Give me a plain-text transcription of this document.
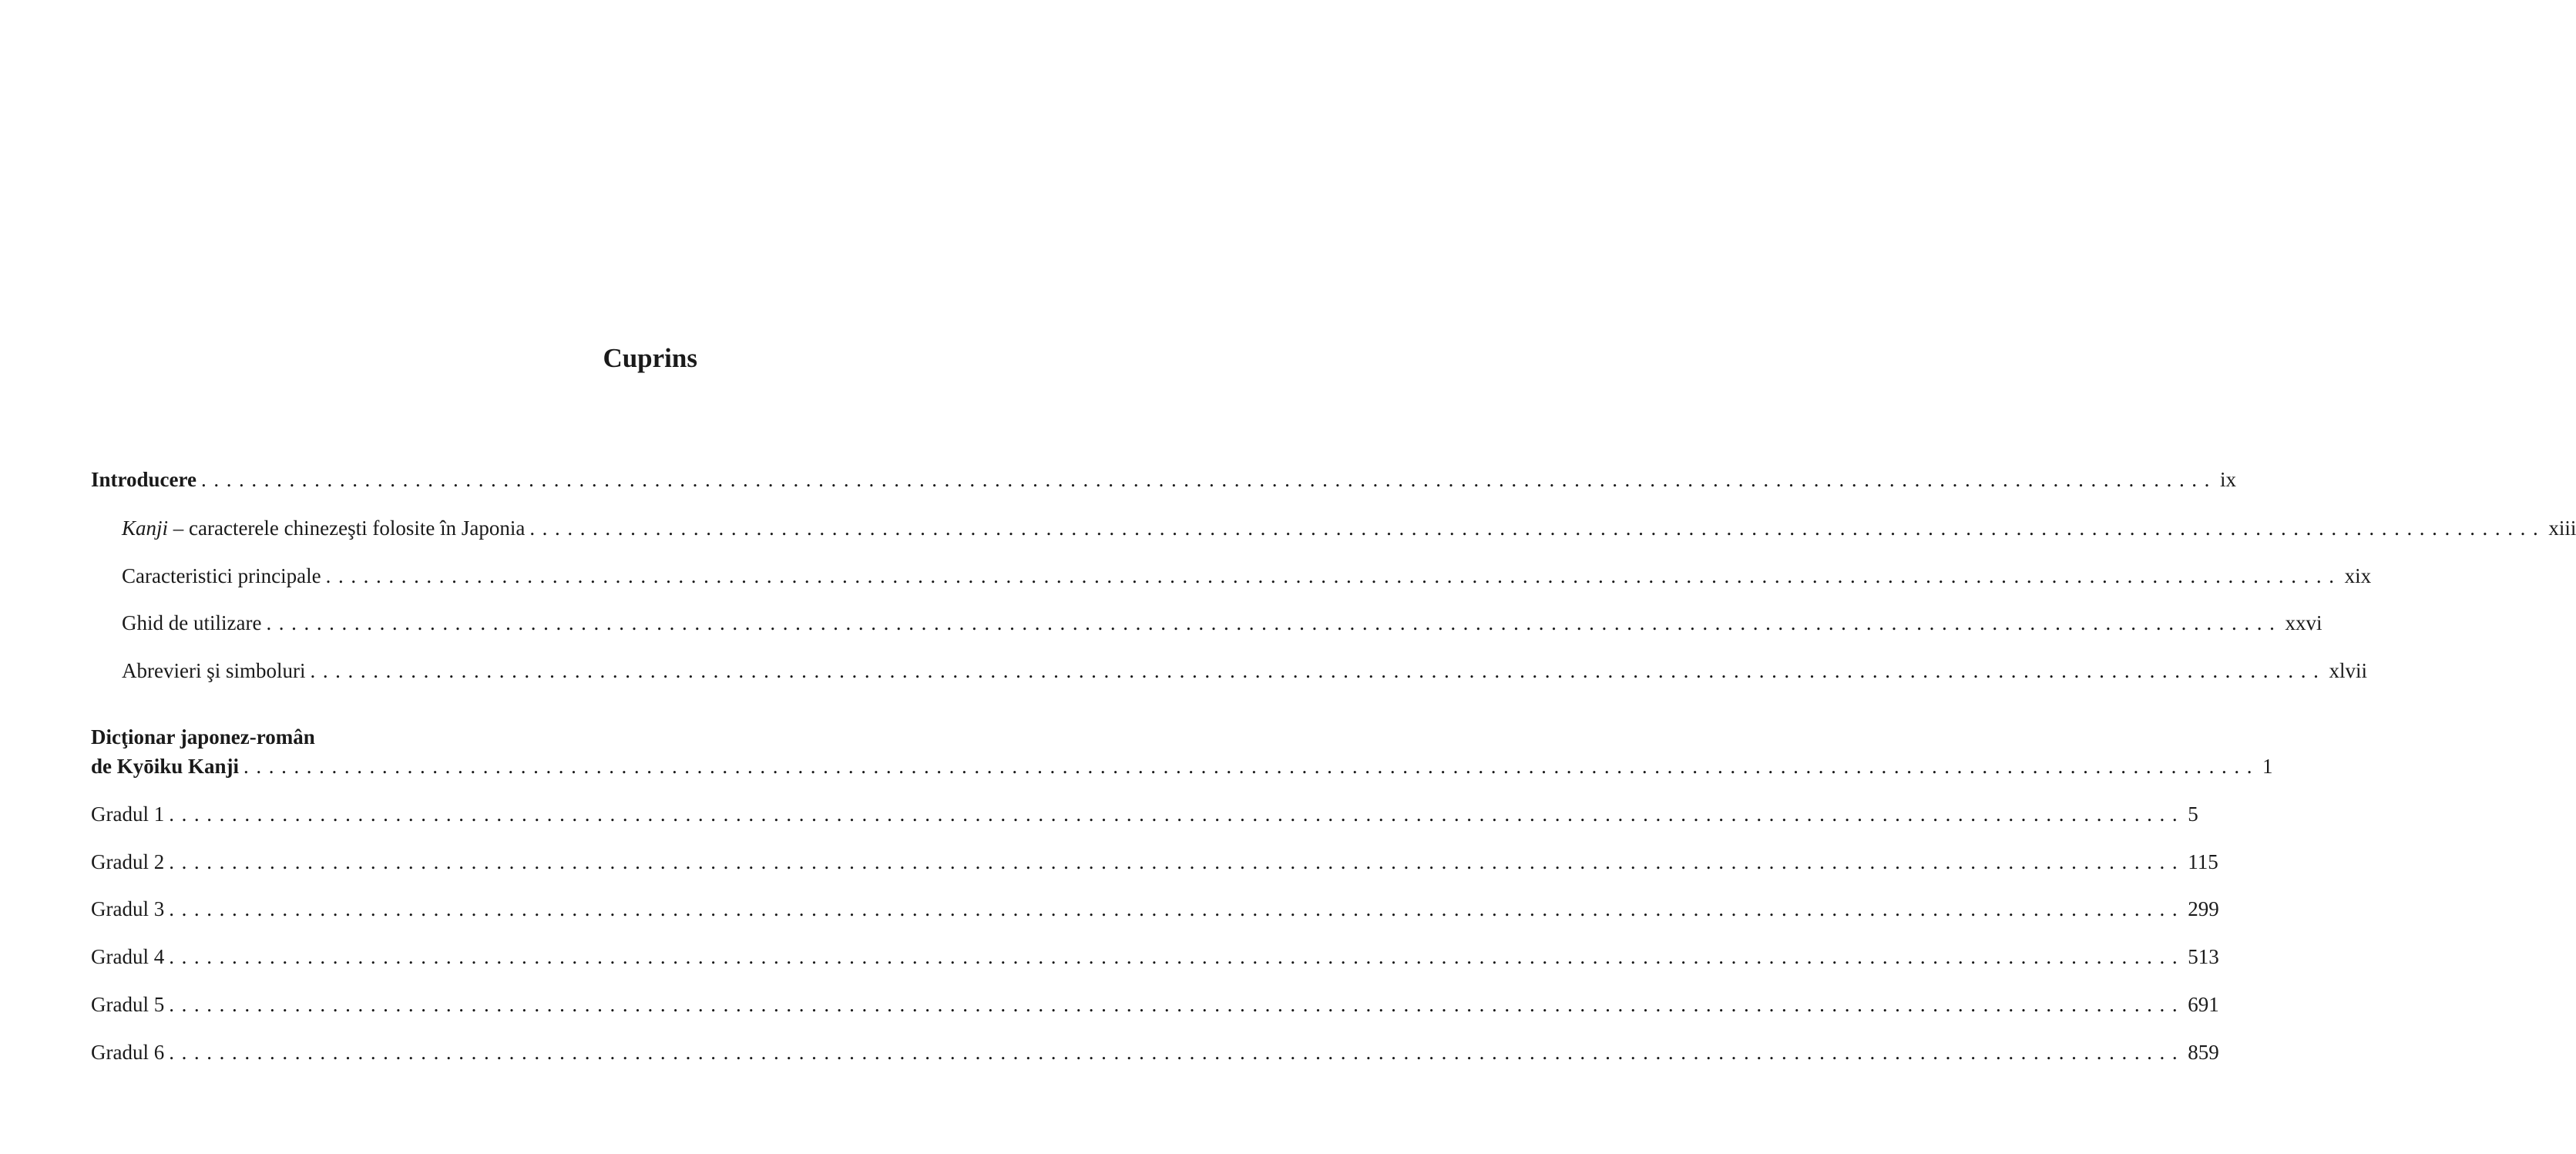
Cuprins
Introducere ................................................................................................................................................................ ix
Kanji – caracterele chinezeşti folosite în Japonia ................................................................................................................................................................ xiii
Caracteristici principale ................................................................................................................................................................ xix
Ghid de utilizare ................................................................................................................................................................ xxvi
Abrevieri şi simboluri ................................................................................................................................................................ xlvii
Dicţionar japonez-român
de Kyōiku Kanji ................................................................................................................................................................ 1
Gradul 1 ................................................................................................................................................................ 5
Gradul 2 ................................................................................................................................................................ 115
Gradul 3 ................................................................................................................................................................ 299
Gradul 4 ................................................................................................................................................................ 513
Gradul 5 ................................................................................................................................................................ 691
Gradul 6 ................................................................................................................................................................ 859
